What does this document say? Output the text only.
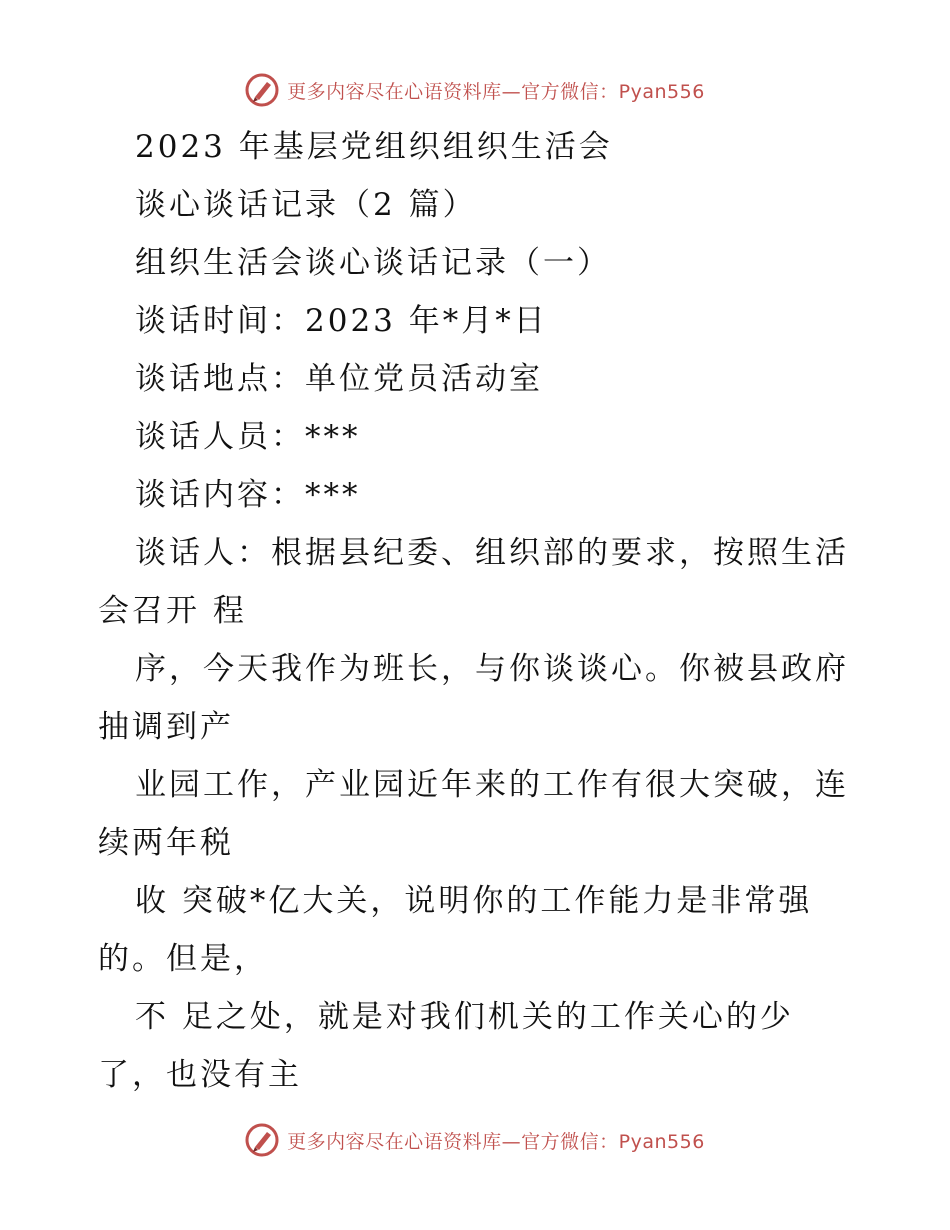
更多内容尽在心语资料库—官方微信：Pyan556
2023 年基层党组织组织生活会
谈心谈话记录（2 篇）
组织生活会谈心谈话记录（一）
谈话时间：2023 年*月*日
谈话地点：单位党员活动室
谈话人员：***
谈话内容：***
谈话人：根据县纪委、组织部的要求，按照生活
会召开 程
序，今天我作为班长，与你谈谈心。你被县政府
抽调到产
业园工作，产业园近年来的工作有很大突破，连
续两年税
收 突破*亿大关，说明你的工作能力是非常强
的。但是，
不 足之处，就是对我们机关的工作关心的少
了，也没有主
更多内容尽在心语资料库—官方微信：Pyan556
